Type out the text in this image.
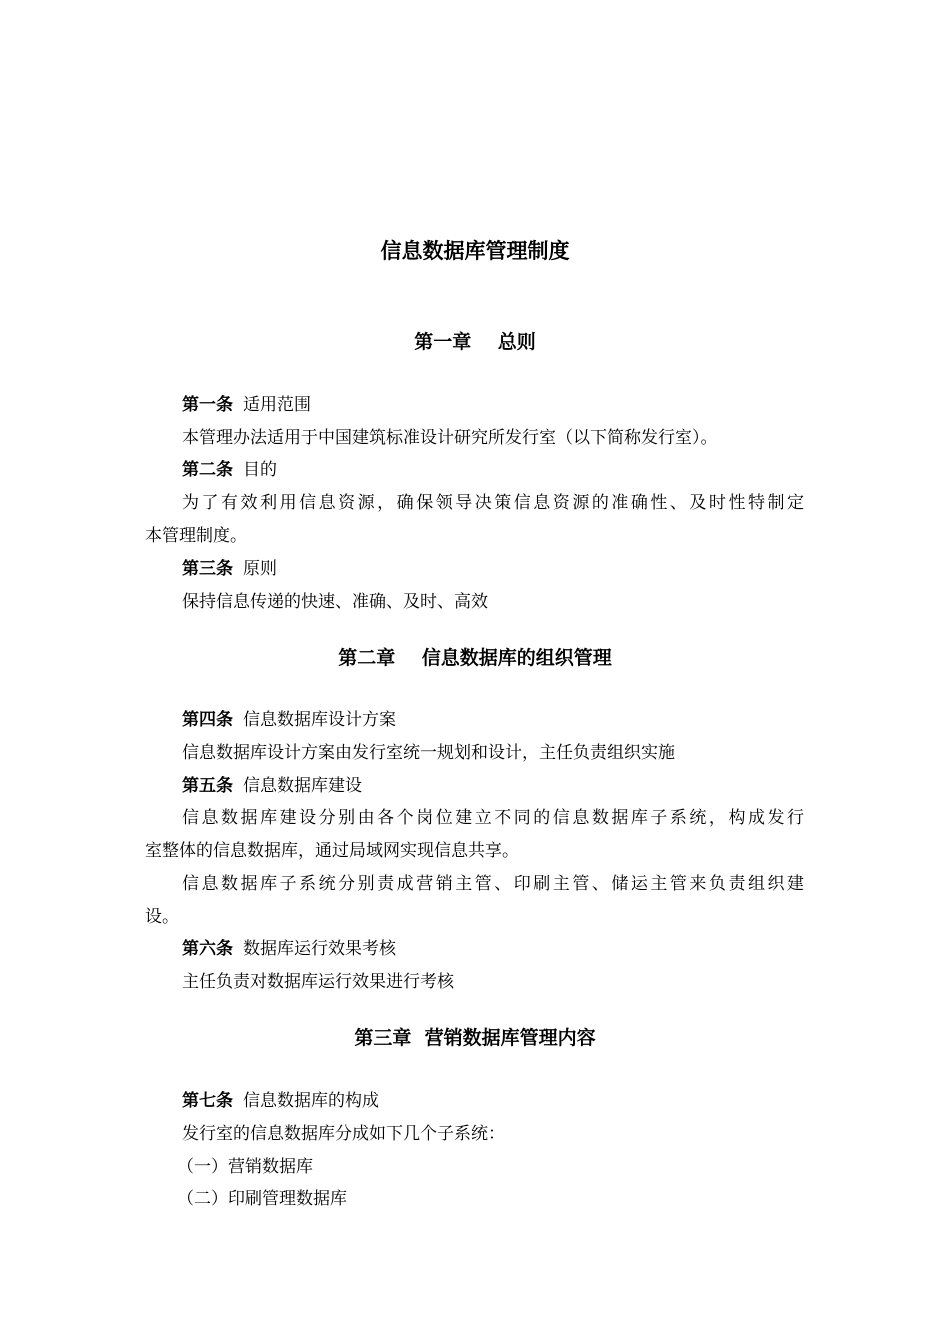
信息数据库管理制度
第一章    总则
第一条 适用范围
本管理办法适用于中国建筑标准设计研究所发行室（以下简称发行室）。
第二条 目的
为了有效利用信息资源，确保领导决策信息资源的准确性、及时性特制定
本管理制度。
第三条 原则
保持信息传递的快速、准确、及时、高效
第二章    信息数据库的组织管理
第四条 信息数据库设计方案
信息数据库设计方案由发行室统一规划和设计，主任负责组织实施
第五条 信息数据库建设
信息数据库建设分别由各个岗位建立不同的信息数据库子系统，构成发行
室整体的信息数据库，通过局域网实现信息共享。
信息数据库子系统分别责成营销主管、印刷主管、储运主管来负责组织建
设。
第六条 数据库运行效果考核
主任负责对数据库运行效果进行考核
第三章  营销数据库管理内容
第七条 信息数据库的构成
发行室的信息数据库分成如下几个子系统：
（一）营销数据库
（二）印刷管理数据库
